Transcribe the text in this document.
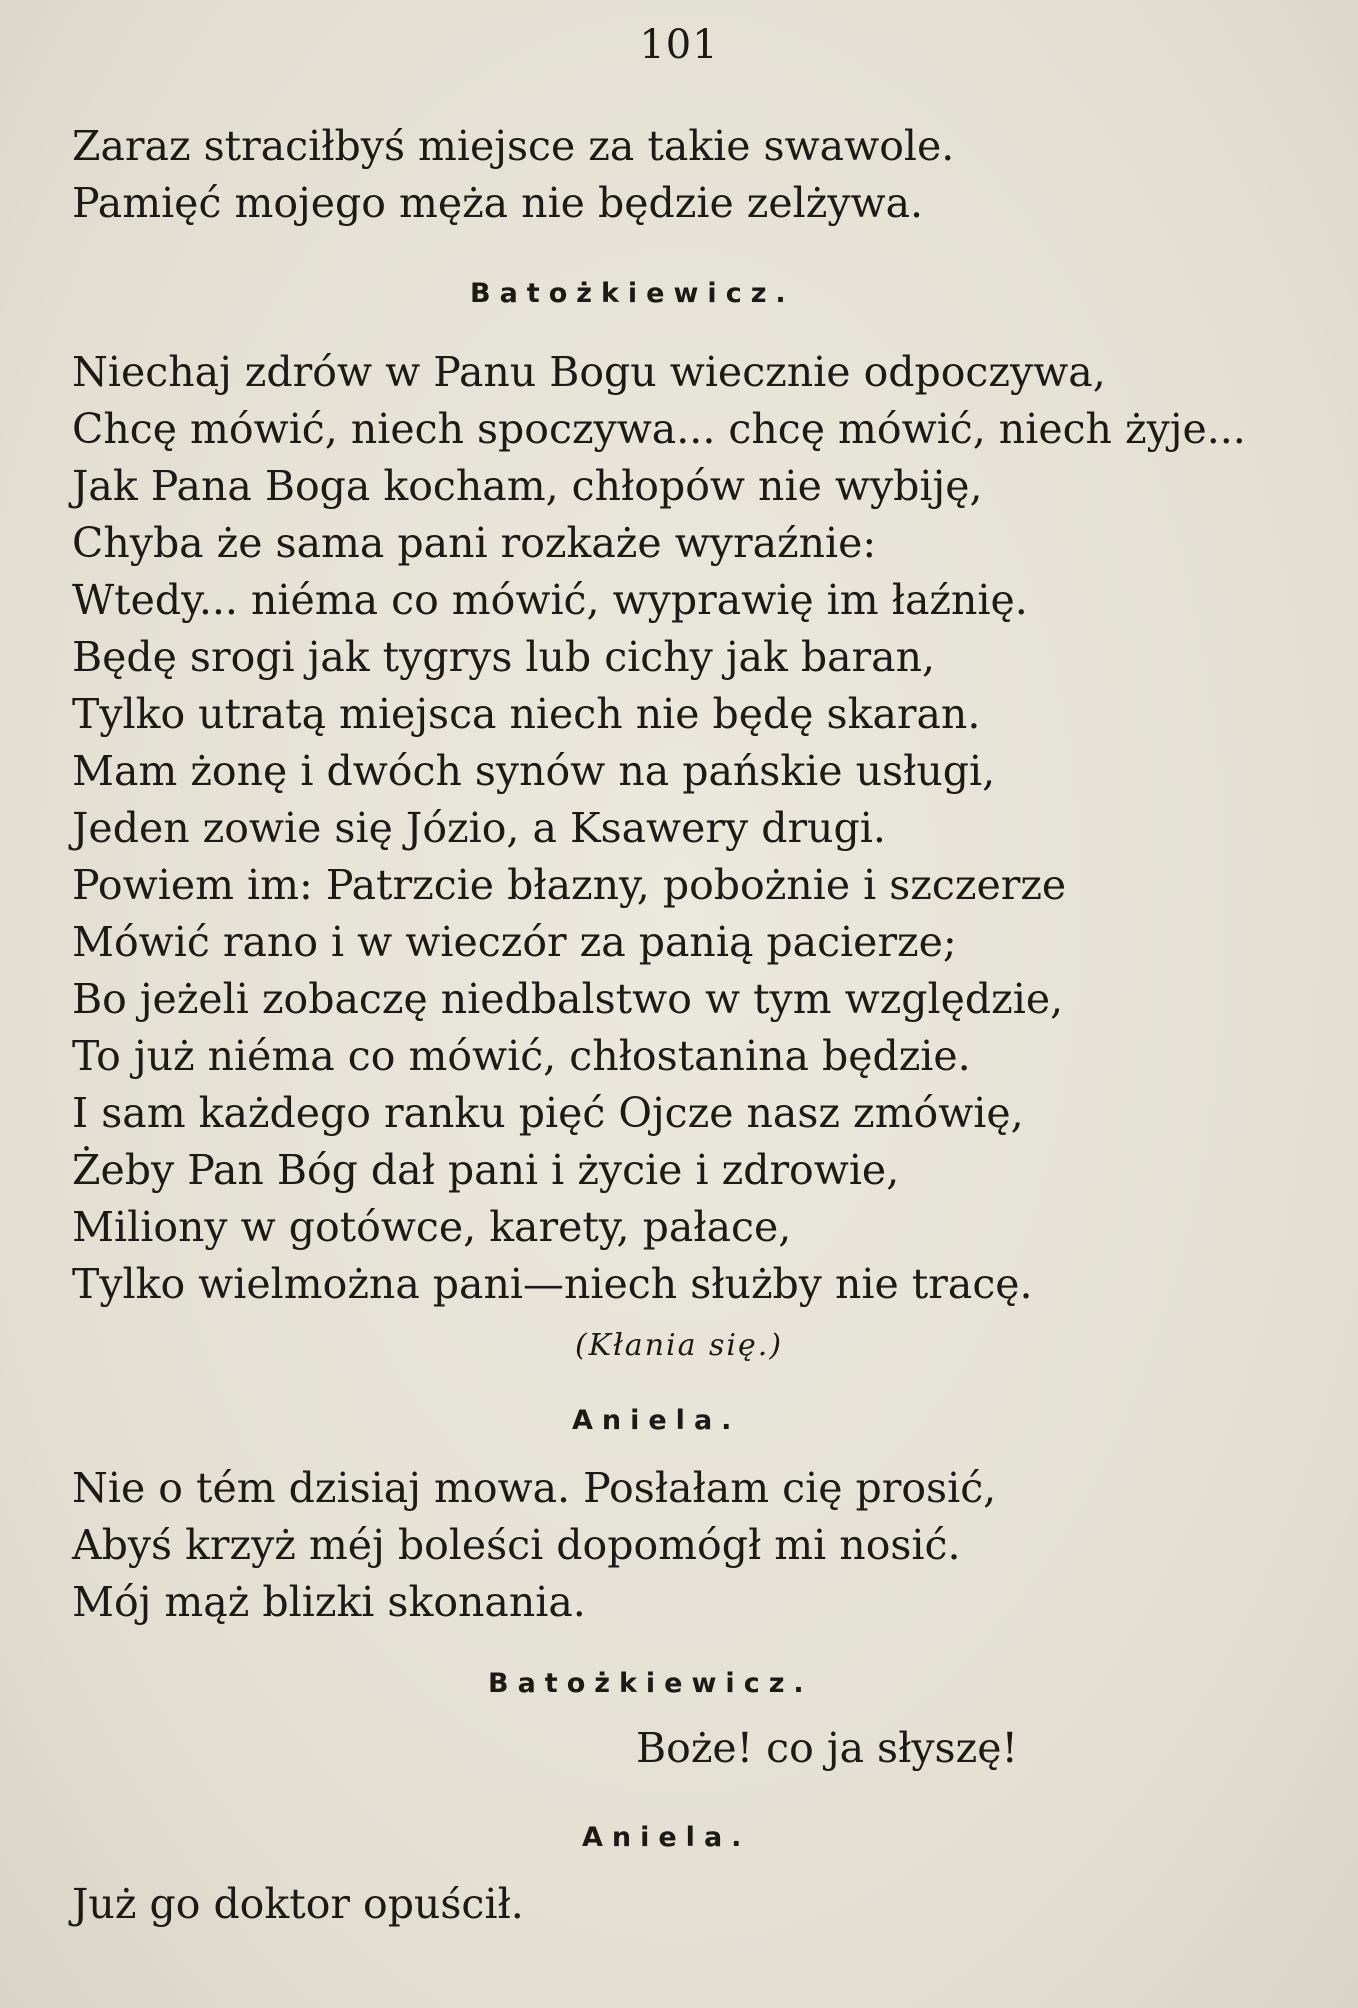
101
Zaraz straciłbyś miejsce za takie swawole.
Pamięć mojego męża nie będzie zelżywa.
Batożkiewicz.
Niechaj zdrów w Panu Bogu wiecznie odpoczywa,
Chcę mówić, niech spoczywa... chcę mówić, niech żyje...
Jak Pana Boga kocham, chłopów nie wybiję,
Chyba że sama pani rozkaże wyraźnie:
Wtedy... niéma co mówić, wyprawię im łaźnię.
Będę srogi jak tygrys lub cichy jak baran,
Tylko utratą miejsca niech nie będę skaran.
Mam żonę i dwóch synów na pańskie usługi,
Jeden zowie się Józio, a Ksawery drugi.
Powiem im: Patrzcie błazny, pobożnie i szczerze
Mówić rano i w wieczór za panią pacierze;
Bo jeżeli zobaczę niedbalstwo w tym względzie,
To już niéma co mówić, chłostanina będzie.
I sam każdego ranku pięć Ojcze nasz zmówię,
Żeby Pan Bóg dał pani i życie i zdrowie,
Miliony w gotówce, karety, pałace,
Tylko wielmożna pani—niech służby nie tracę.
(Kłania się.)
Aniela.
Nie o tém dzisiaj mowa. Posłałam cię prosić,
Abyś krzyż méj boleści dopomógł mi nosić.
Mój mąż blizki skonania.
Batożkiewicz.
Boże! co ja słyszę!
Aniela.
Już go doktor opuścił.
